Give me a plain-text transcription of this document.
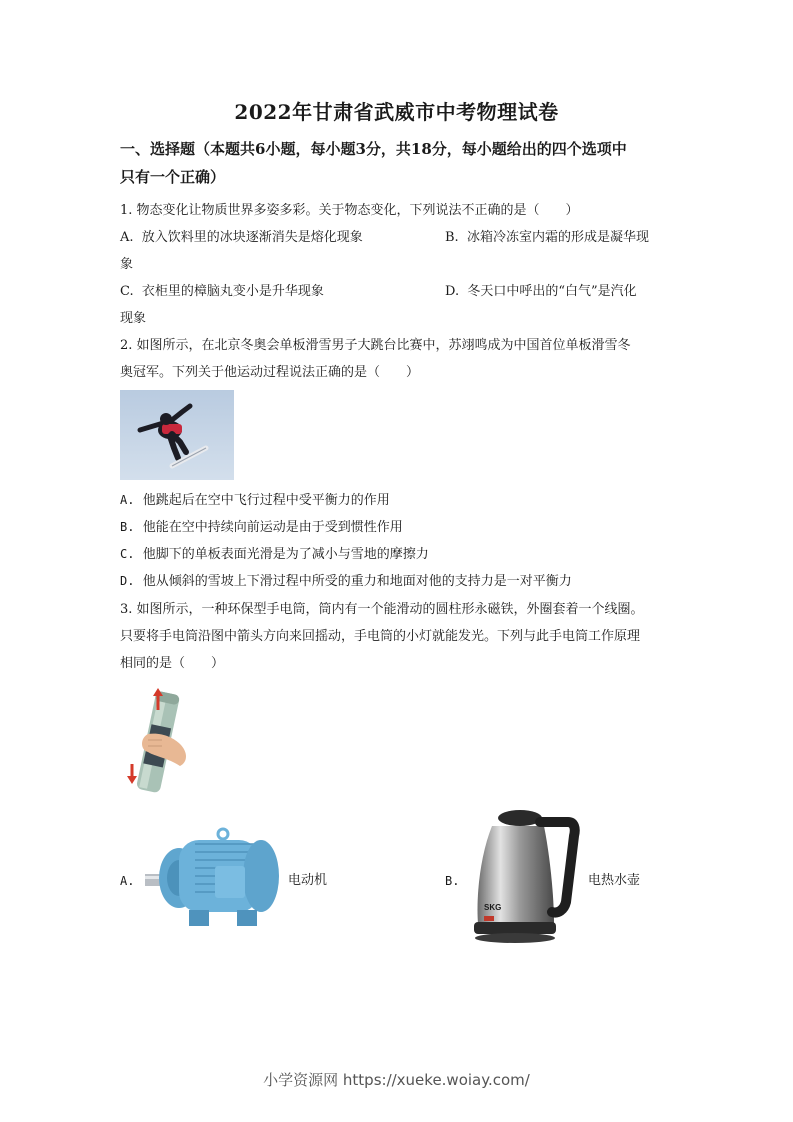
2022年甘肃省武威市中考物理试卷
一、选择题（本题共6小题，每小题3分，共18分，每小题给出的四个选项中
只有一个正确）
1. 物态变化让物质世界多姿多彩。关于物态变化，下列说法不正确的是（　　）
A. 放入饮料里的冰块逐渐消失是熔化现象	B. 冰箱冷冻室内霜的形成是凝华现
象
C. 衣柜里的樟脑丸变小是升华现象	D. 冬天口中呼出的“白气”是汽化
现象
2. 如图所示，在北京冬奥会单板滑雪男子大跳台比赛中，苏翊鸣成为中国首位单板滑雪冬
奥冠军。下列关于他运动过程说法正确的是（　　）
A. 他跳起后在空中飞行过程中受平衡力的作用
B. 他能在空中持续向前运动是由于受到惯性作用
C. 他脚下的单板表面光滑是为了减小与雪地的摩擦力
D. 他从倾斜的雪坡上下滑过程中所受的重力和地面对他的支持力是一对平衡力
3. 如图所示，一种环保型手电筒，筒内有一个能滑动的圆柱形永磁铁，外圈套着一个线圈。
只要将手电筒沿图中箭头方向来回摇动，手电筒的小灯就能发光。下列与此手电筒工作原理
相同的是（　　）
A.	电动机	B.
SKG
电热水壶
小学资源网 https://xueke.woiay.com/
